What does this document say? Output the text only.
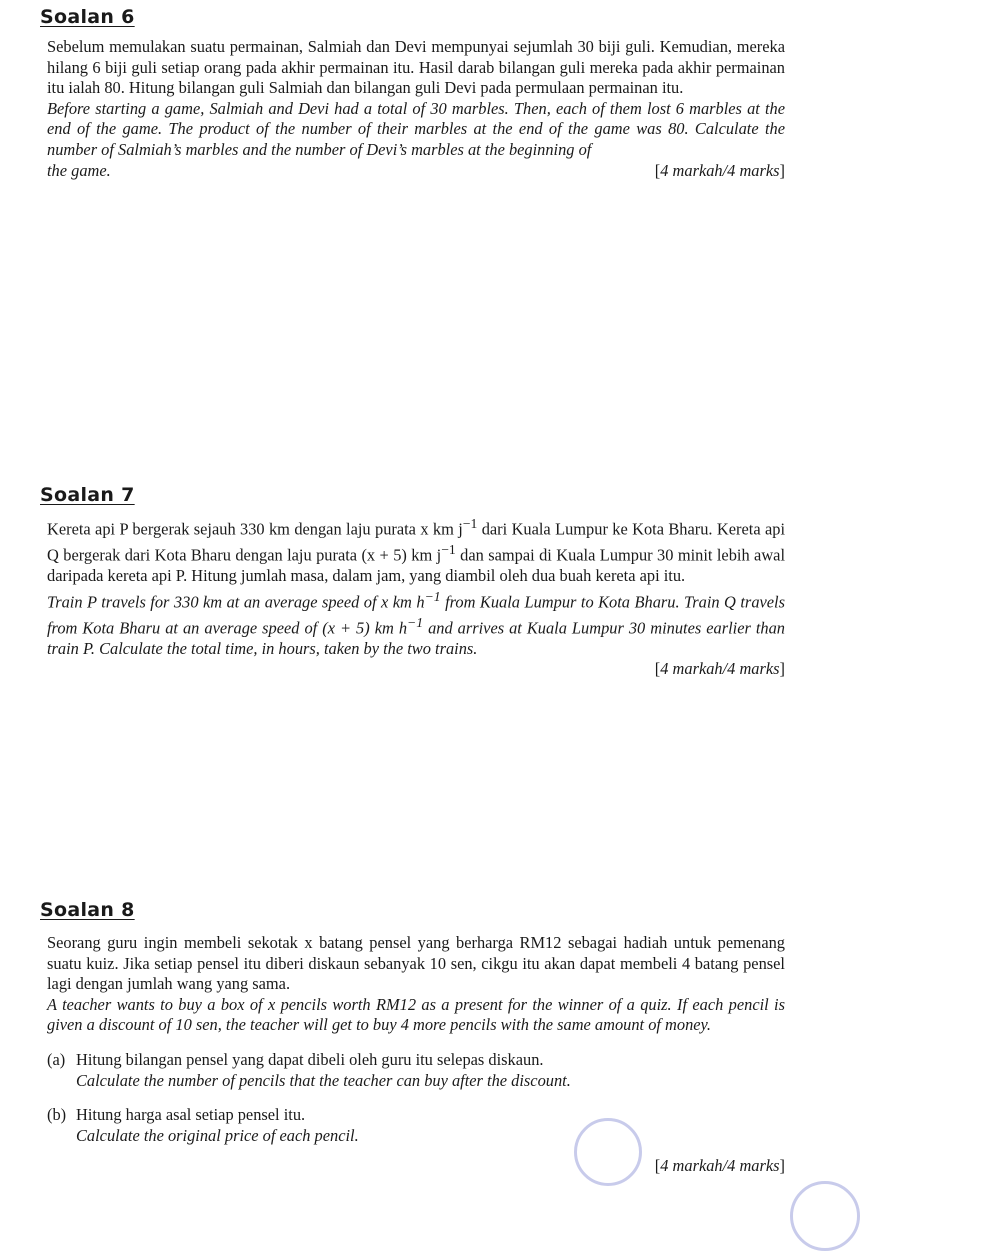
Soalan 6

Sebelum memulakan suatu permainan, Salmiah dan Devi mempunyai sejumlah 30 biji guli. Kemudian, mereka hilang 6 biji guli setiap orang pada akhir permainan itu. Hasil darab bilangan guli mereka pada akhir permainan itu ialah 80. Hitung bilangan guli Salmiah dan bilangan guli Devi pada permulaan permainan itu.

Before starting a game, Salmiah and Devi had a total of 30 marbles. Then, each of them lost 6 marbles at the end of the game. The product of the number of their marbles at the end of the game was 80. Calculate the number of Salmiah’s marbles and the number of Devi’s marbles at the beginning of

the game.	[4 markah/4 marks]
Soalan 7

Kereta api P bergerak sejauh 330 km dengan laju purata x km $j^{-1}$ dari Kuala Lumpur ke Kota Bharu. Kereta api Q bergerak dari Kota Bharu dengan laju purata (x + 5) km $j^{-1}$ dan sampai di Kuala Lumpur 30 minit lebih awal daripada kereta api P. Hitung jumlah masa, dalam jam, yang diambil oleh dua buah kereta api itu.

Train P travels for 330 km at an average speed of x km $h^{-1}$ from Kuala Lumpur to Kota Bharu. Train Q travels from Kota Bharu at an average speed of (x + 5) km $h^{-1}$ and arrives at Kuala Lumpur 30 minutes earlier than train P. Calculate the total time, in hours, taken by the two trains.

[4 markah/4 marks]

Soalan 8

Seorang guru ingin membeli sekotak x batang pensel yang berharga RM12 sebagai hadiah untuk pemenang suatu kuiz. Jika setiap pensel itu diberi diskaun sebanyak 10 sen, cikgu itu akan dapat membeli 4 batang pensel lagi dengan jumlah wang yang sama.

A teacher wants to buy a box of x pencils worth RM12 as a present for the winner of a quiz. If each pencil is given a discount of 10 sen, the teacher will get to buy 4 more pencils with the same amount of money.

(a) Hitung bilangan pensel yang dapat dibeli oleh guru itu selepas diskaun.

Calculate the number of pencils that the teacher can buy after the discount.

(b) Hitung harga asal setiap pensel itu.

Calculate the original price of each pencil.

[4 markah/4 marks]
